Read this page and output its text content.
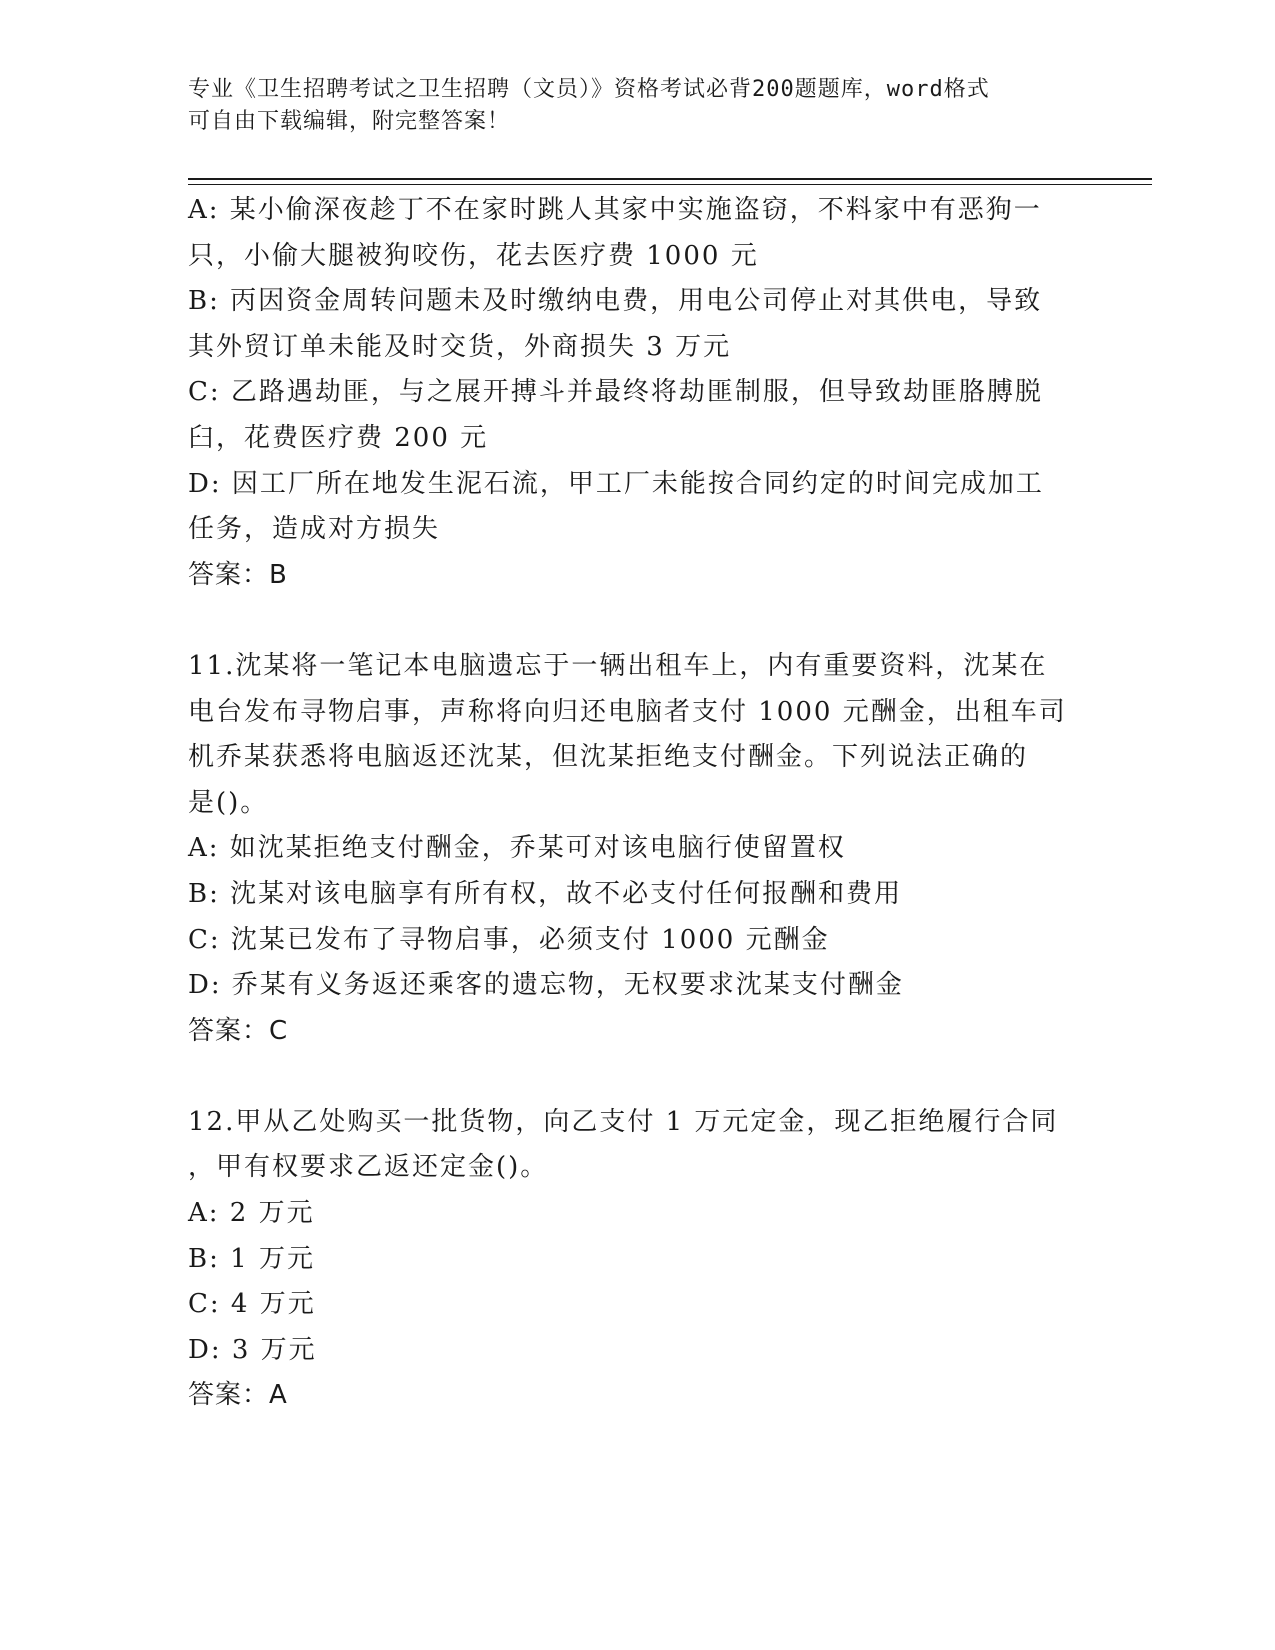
专业《卫生招聘考试之卫生招聘（文员）》资格考试必背200题题库，word格式
可自由下载编辑，附完整答案！
A: 某小偷深夜趁丁不在家时跳人其家中实施盗窃，不料家中有恶狗一
只，小偷大腿被狗咬伤，花去医疗费 1000 元
B: 丙因资金周转问题未及时缴纳电费，用电公司停止对其供电，导致
其外贸订单未能及时交货，外商损失 3 万元
C: 乙路遇劫匪，与之展开搏斗并最终将劫匪制服，但导致劫匪胳膊脱
臼，花费医疗费 200 元
D: 因工厂所在地发生泥石流，甲工厂未能按合同约定的时间完成加工
任务，造成对方损失
答案：B
11.沈某将一笔记本电脑遗忘于一辆出租车上，内有重要资料，沈某在
电台发布寻物启事，声称将向归还电脑者支付 1000 元酬金，出租车司
机乔某获悉将电脑返还沈某，但沈某拒绝支付酬金。下列说法正确的
是()。
A: 如沈某拒绝支付酬金，乔某可对该电脑行使留置权
B: 沈某对该电脑享有所有权，故不必支付任何报酬和费用
C: 沈某已发布了寻物启事，必须支付 1000 元酬金
D: 乔某有义务返还乘客的遗忘物，无权要求沈某支付酬金
答案：C
12.甲从乙处购买一批货物，向乙支付 1 万元定金，现乙拒绝履行合同
，甲有权要求乙返还定金()。
A: 2 万元
B: 1 万元
C: 4 万元
D: 3 万元
答案：A
